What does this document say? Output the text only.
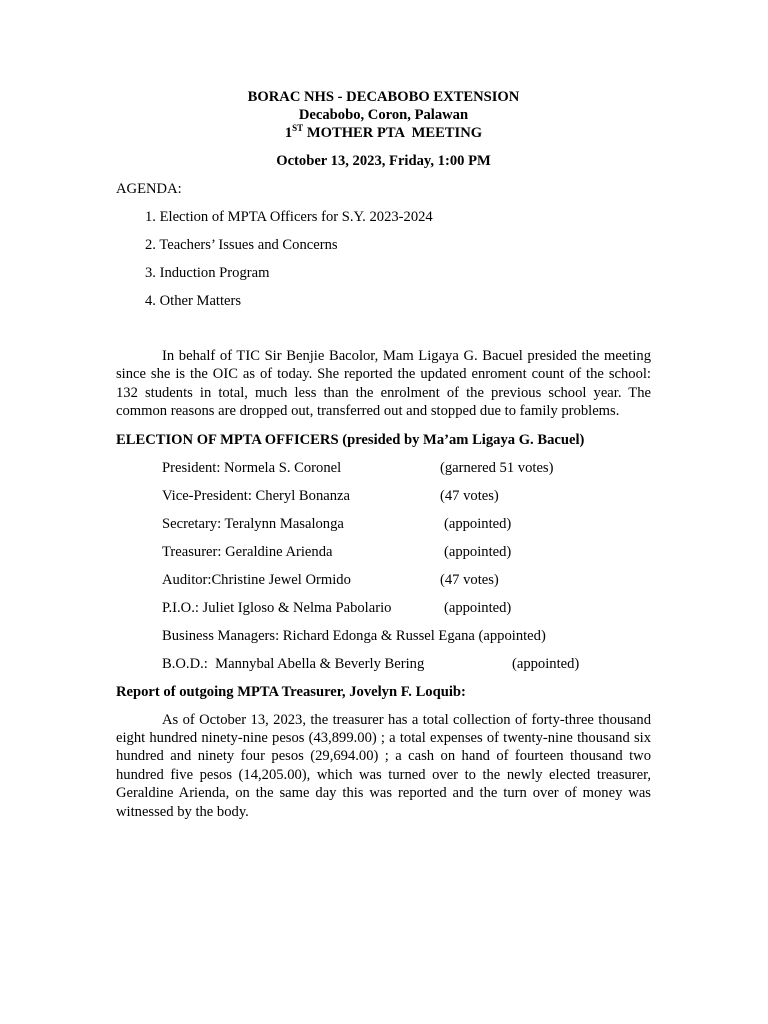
BORAC NHS - DECABOBO EXTENSION
Decabobo, Coron, Palawan
1ST MOTHER PTA  MEETING
October 13, 2023, Friday, 1:00 PM
AGENDA:
1. Election of MPTA Officers for S.Y. 2023-2024
2. Teachers’ Issues and Concerns
3. Induction Program
4. Other Matters

In behalf of TIC Sir Benjie Bacolor, Mam Ligaya G. Bacuel presided the meeting since she is the OIC as of today. She reported the updated enroment count of the school: 132 students in total, much less than the enrolment of the previous school year. The common reasons are dropped out, transferred out and stopped due to family problems.

ELECTION OF MPTA OFFICERS (presided by Ma’am Ligaya G. Bacuel)
President: Normela S. Coronel	(garnered 51 votes)
Vice-President: Cheryl Bonanza	(47 votes)
Secretary: Teralynn Masalonga	(appointed)
Treasurer: Geraldine Arienda	(appointed)
Auditor:Christine Jewel Ormido	(47 votes)
P.I.O.: Juliet Igloso & Nelma Pabolario	(appointed)
Business Managers: Richard Edonga & Russel Egana (appointed)
B.O.D.:  Mannybal Abella & Beverly Bering	(appointed)
Report of outgoing MPTA Treasurer, Jovelyn F. Loquib:

As of October 13, 2023, the treasurer has a total collection of forty-three thousand eight hundred ninety-nine pesos (43,899.00) ; a total expenses of twenty-nine thousand six hundred and ninety four pesos (29,694.00) ; a cash on hand of fourteen thousand two hundred five pesos (14,205.00), which was turned over to the newly elected treasurer, Geraldine Arienda, on the same day this was reported and the turn over of money was witnessed by the body.
